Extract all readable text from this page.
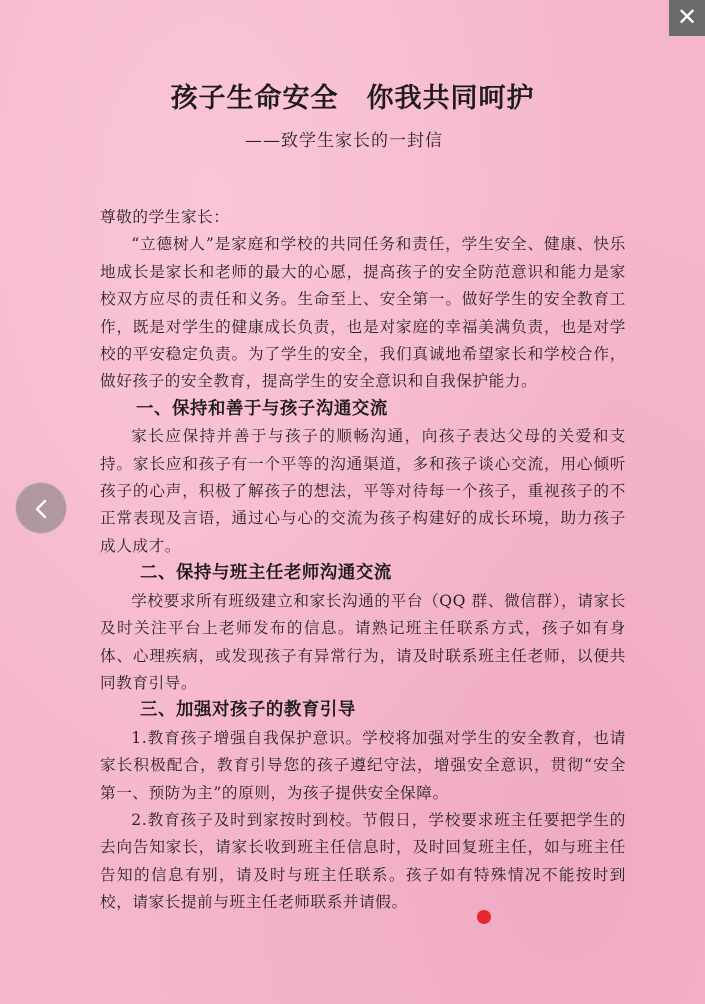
孩子生命安全 你我共同呵护
——致学生家长的一封信

尊敬的学生家长：

“立德树人”是家庭和学校的共同任务和责任，学生安全、健康、快乐地成长是家长和老师的最大的心愿，提高孩子的安全防范意识和能力是家校双方应尽的责任和义务。生命至上、安全第一。做好学生的安全教育工作，既是对学生的健康成长负责，也是对家庭的幸福美满负责，也是对学校的平安稳定负责。为了学生的安全，我们真诚地希望家长和学校合作，做好孩子的安全教育，提高学生的安全意识和自我保护能力。

一、保持和善于与孩子沟通交流

家长应保持并善于与孩子的顺畅沟通，向孩子表达父母的关爱和支持。家长应和孩子有一个平等的沟通渠道，多和孩子谈心交流，用心倾听孩子的心声，积极了解孩子的想法，平等对待每一个孩子，重视孩子的不正常表现及言语，通过心与心的交流为孩子构建好的成长环境，助力孩子成人成才。

二、保持与班主任老师沟通交流

学校要求所有班级建立和家长沟通的平台（QQ 群、微信群），请家长及时关注平台上老师发布的信息。请熟记班主任联系方式，孩子如有身体、心理疾病，或发现孩子有异常行为，请及时联系班主任老师，以便共同教育引导。

三、加强对孩子的教育引导

1.教育孩子增强自我保护意识。学校将加强对学生的安全教育，也请家长积极配合，教育引导您的孩子遵纪守法，增强安全意识，贯彻“安全第一、预防为主”的原则，为孩子提供安全保障。

2.教育孩子及时到家按时到校。节假日，学校要求班主任要把学生的去向告知家长，请家长收到班主任信息时，及时回复班主任，如与班主任告知的信息有别，请及时与班主任联系。孩子如有特殊情况不能按时到校，请家长提前与班主任老师联系并请假。

✕
